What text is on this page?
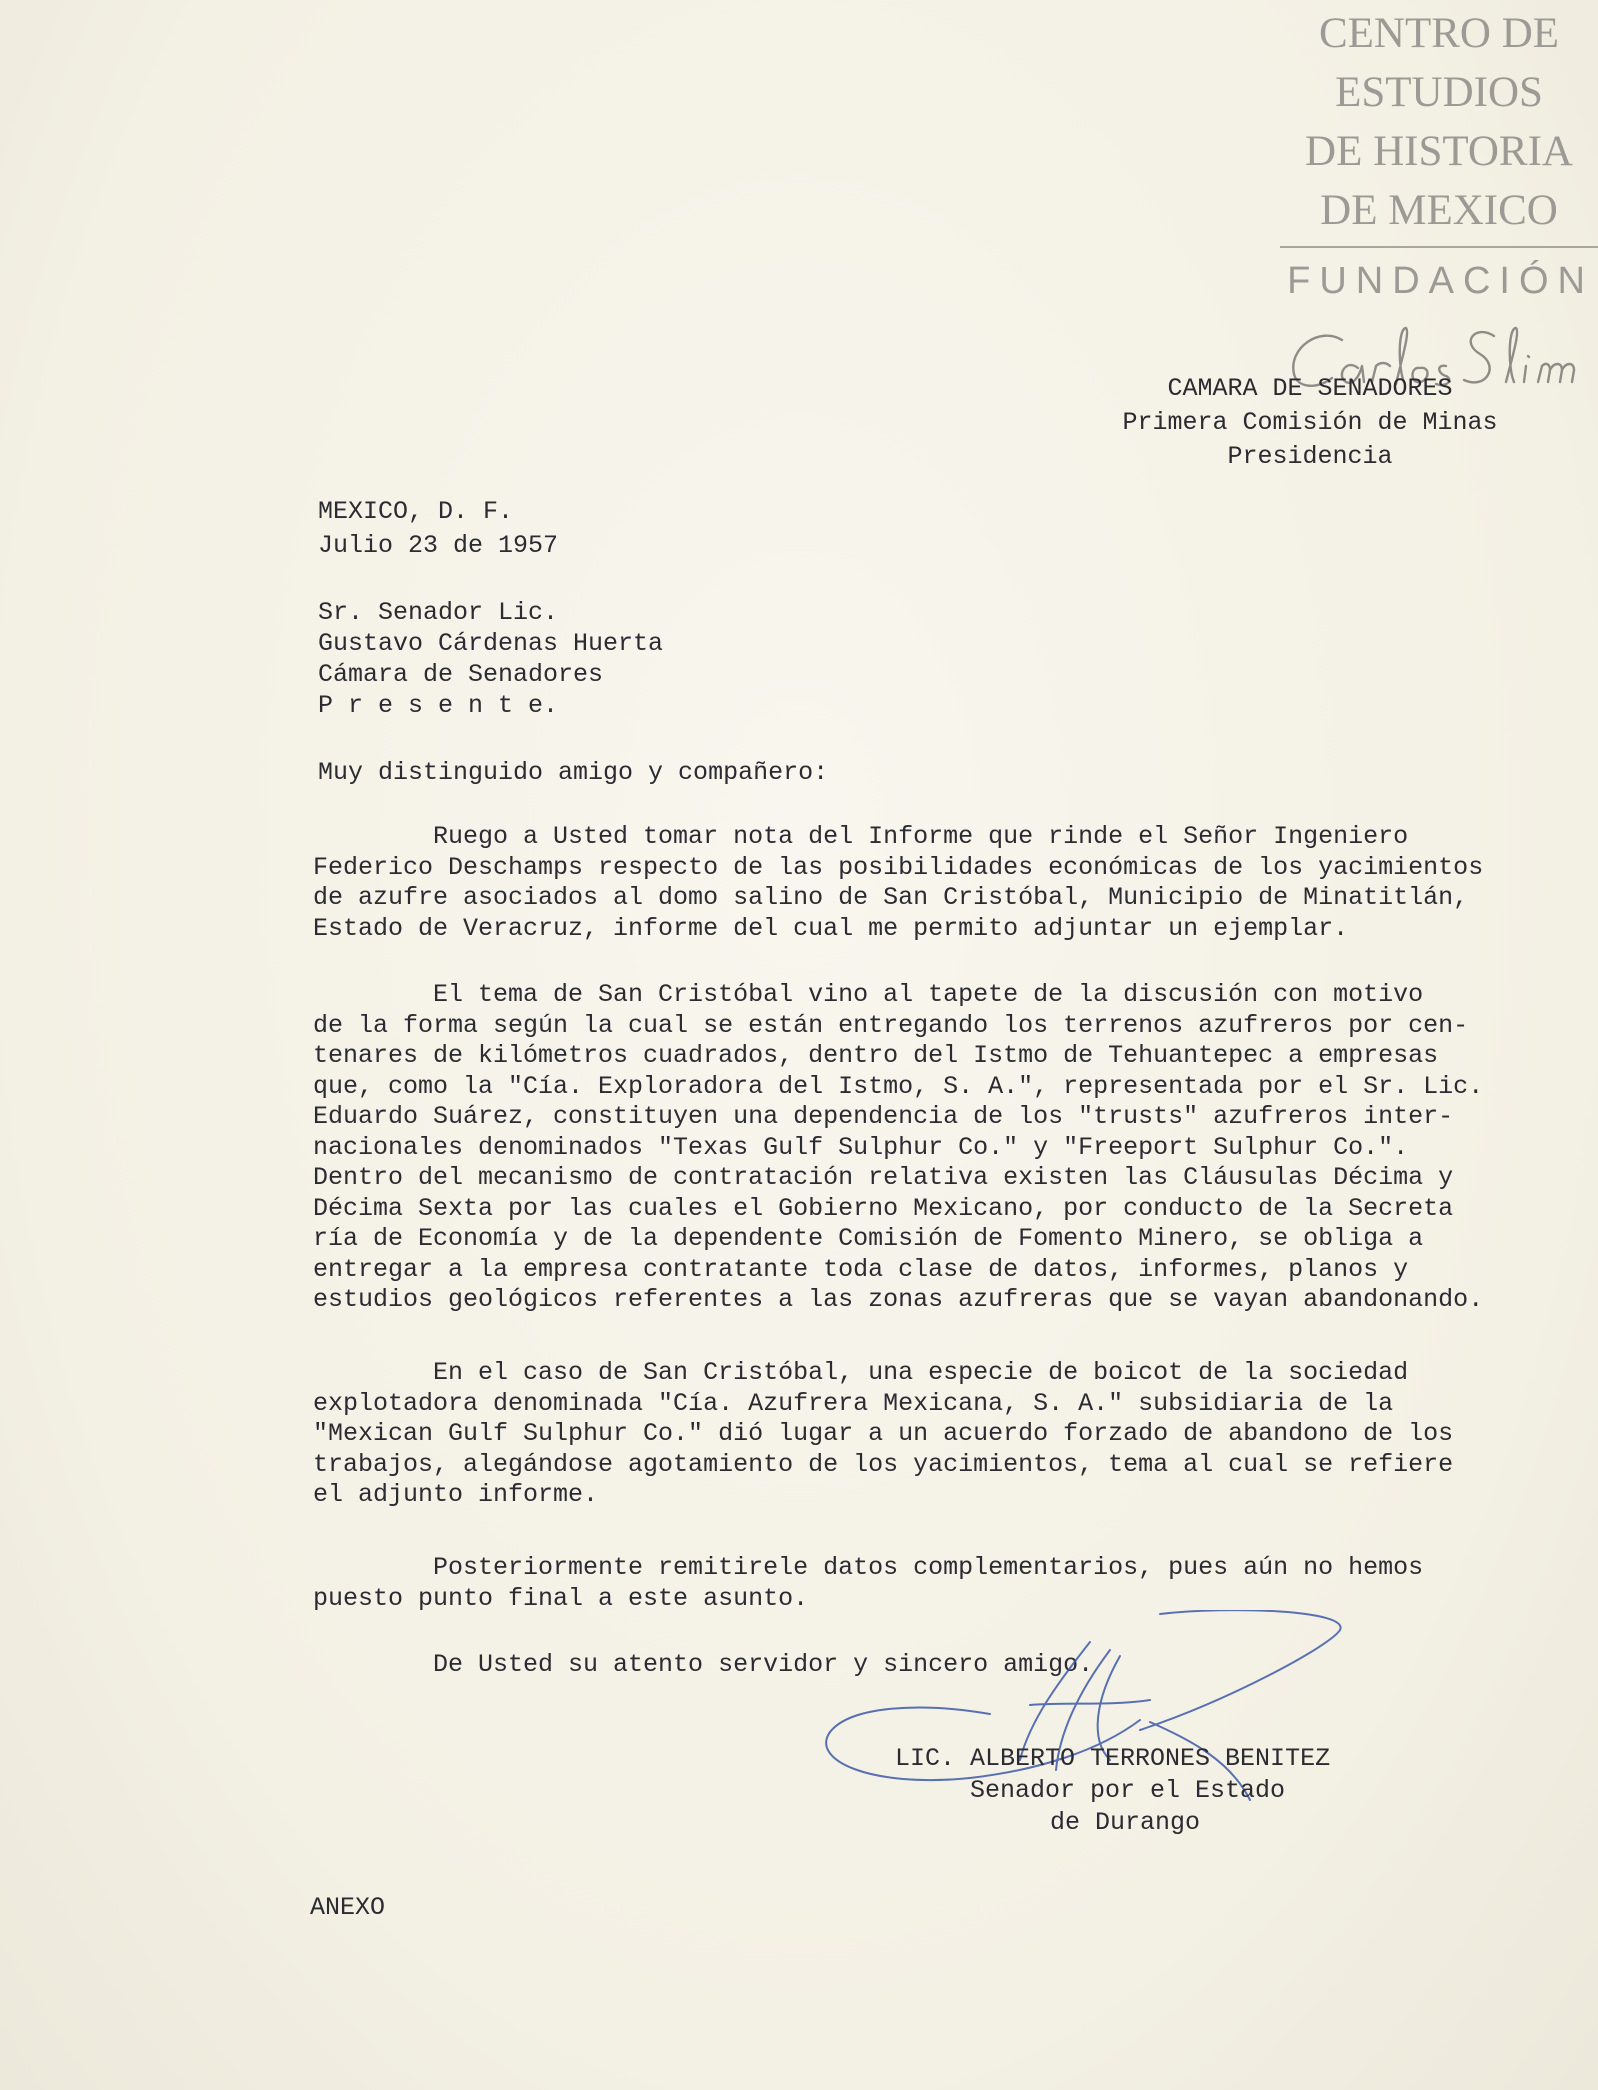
CENTRO DE
ESTUDIOS
DE HISTORIA
DE MEXICO
FUNDACIÓN
CAMARA DE SENADORES
Primera Comisión de Minas
Presidencia
MEXICO, D. F.
Julio 23 de 1957
Sr. Senador Lic.
Gustavo Cárdenas Huerta
Cámara de Senadores
P r e s e n t e.
Muy distinguido amigo y compañero:
Ruego a Usted tomar nota del Informe que rinde el Señor Ingeniero
Federico Deschamps respecto de las posibilidades económicas de los yacimientos
de azufre asociados al domo salino de San Cristóbal, Municipio de Minatitlán,
Estado de Veracruz, informe del cual me permito adjuntar un ejemplar.
El tema de San Cristóbal vino al tapete de la discusión con motivo
de la forma según la cual se están entregando los terrenos azufreros por cen-
tenares de kilómetros cuadrados, dentro del Istmo de Tehuantepec a empresas
que, como la "Cía. Exploradora del Istmo, S. A.", representada por el Sr. Lic.
Eduardo Suárez, constituyen una dependencia de los "trusts" azufreros inter-
nacionales denominados "Texas Gulf Sulphur Co." y "Freeport Sulphur Co.".
Dentro del mecanismo de contratación relativa existen las Cláusulas Décima y
Décima Sexta por las cuales el Gobierno Mexicano, por conducto de la Secreta
ría de Economía y de la dependente Comisión de Fomento Minero, se obliga a
entregar a la empresa contratante toda clase de datos, informes, planos y
estudios geológicos referentes a las zonas azufreras que se vayan abandonando.
En el caso de San Cristóbal, una especie de boicot de la sociedad
explotadora denominada "Cía. Azufrera Mexicana, S. A." subsidiaria de la
"Mexican Gulf Sulphur Co." dió lugar a un acuerdo forzado de abandono de los
trabajos, alegándose agotamiento de los yacimientos, tema al cual se refiere
el adjunto informe.
Posteriormente remitirele datos complementarios, pues aún no hemos
puesto punto final a este asunto.
De Usted su atento servidor y sincero amigo.
LIC. ALBERTO TERRONES BENITEZ
Senador por el Estado
de Durango
ANEXO
